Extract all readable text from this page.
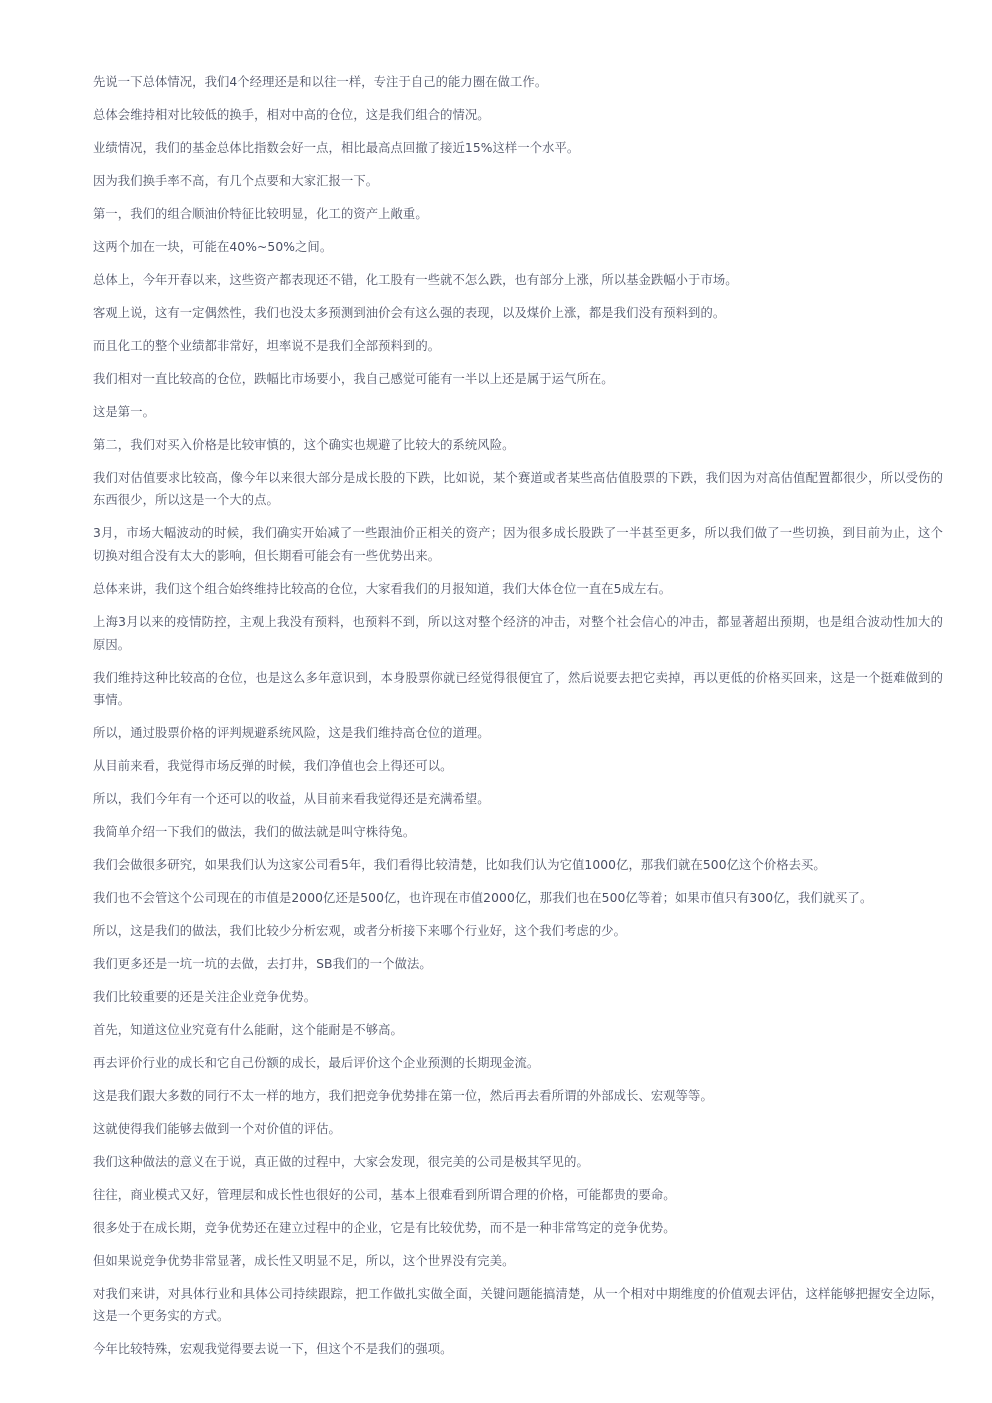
先说一下总体情况，我们4个经理还是和以往一样，专注于自己的能力圈在做工作。

总体会维持相对比较低的换手，相对中高的仓位，这是我们组合的情况。

业绩情况，我们的基金总体比指数会好一点，相比最高点回撤了接近15%这样一个水平。

因为我们换手率不高，有几个点要和大家汇报一下。

第一，我们的组合顺油价特征比较明显，化工的资产上敞重。

这两个加在一块，可能在40%~50%之间。

总体上，今年开春以来，这些资产都表现还不错，化工股有一些就不怎么跌，也有部分上涨，所以基金跌幅小于市场。

客观上说，这有一定偶然性，我们也没太多预测到油价会有这么强的表现，以及煤价上涨，都是我们没有预料到的。

而且化工的整个业绩都非常好，坦率说不是我们全部预料到的。

我们相对一直比较高的仓位，跌幅比市场要小，我自己感觉可能有一半以上还是属于运气所在。

这是第一。

第二，我们对买入价格是比较审慎的，这个确实也规避了比较大的系统风险。

我们对估值要求比较高，像今年以来很大部分是成长股的下跌，比如说，某个赛道或者某些高估值股票的下跌，我们因为对高估值配置都很少，所以受伤的东西很少，所以这是一个大的点。

3月，市场大幅波动的时候，我们确实开始减了一些跟油价正相关的资产；因为很多成长股跌了一半甚至更多，所以我们做了一些切换，到目前为止，这个切换对组合没有太大的影响，但长期看可能会有一些优势出来。

总体来讲，我们这个组合始终维持比较高的仓位，大家看我们的月报知道，我们大体仓位一直在5成左右。

上海3月以来的疫情防控，主观上我没有预料，也预料不到，所以这对整个经济的冲击，对整个社会信心的冲击，都显著超出预期，也是组合波动性加大的原因。

我们维持这种比较高的仓位，也是这么多年意识到，本身股票你就已经觉得很便宜了，然后说要去把它卖掉，再以更低的价格买回来，这是一个挺难做到的事情。

所以，通过股票价格的评判规避系统风险，这是我们维持高仓位的道理。

从目前来看，我觉得市场反弹的时候，我们净值也会上得还可以。

所以，我们今年有一个还可以的收益，从目前来看我觉得还是充满希望。

我简单介绍一下我们的做法，我们的做法就是叫守株待兔。

我们会做很多研究，如果我们认为这家公司看5年，我们看得比较清楚，比如我们认为它值1000亿，那我们就在500亿这个价格去买。

我们也不会管这个公司现在的市值是2000亿还是500亿，也许现在市值2000亿，那我们也在500亿等着；如果市值只有300亿，我们就买了。

所以，这是我们的做法，我们比较少分析宏观，或者分析接下来哪个行业好，这个我们考虑的少。

我们更多还是一坑一坑的去做，去打井，SB我们的一个做法。

我们比较重要的还是关注企业竞争优势。

首先，知道这位业究竟有什么能耐，这个能耐是不够高。

再去评价行业的成长和它自己份额的成长，最后评价这个企业预测的长期现金流。

这是我们跟大多数的同行不太一样的地方，我们把竞争优势排在第一位，然后再去看所谓的外部成长、宏观等等。

这就使得我们能够去做到一个对价值的评估。

我们这种做法的意义在于说，真正做的过程中，大家会发现，很完美的公司是极其罕见的。

往往，商业模式又好，管理层和成长性也很好的公司，基本上很难看到所谓合理的价格，可能都贵的要命。

很多处于在成长期，竞争优势还在建立过程中的企业，它是有比较优势，而不是一种非常笃定的竞争优势。

但如果说竞争优势非常显著，成长性又明显不足，所以，这个世界没有完美。

对我们来讲，对具体行业和具体公司持续跟踪，把工作做扎实做全面，关键问题能搞清楚，从一个相对中期维度的价值观去评估，这样能够把握安全边际，这是一个更务实的方式。

今年比较特殊，宏观我觉得要去说一下，但这个不是我们的强项。
